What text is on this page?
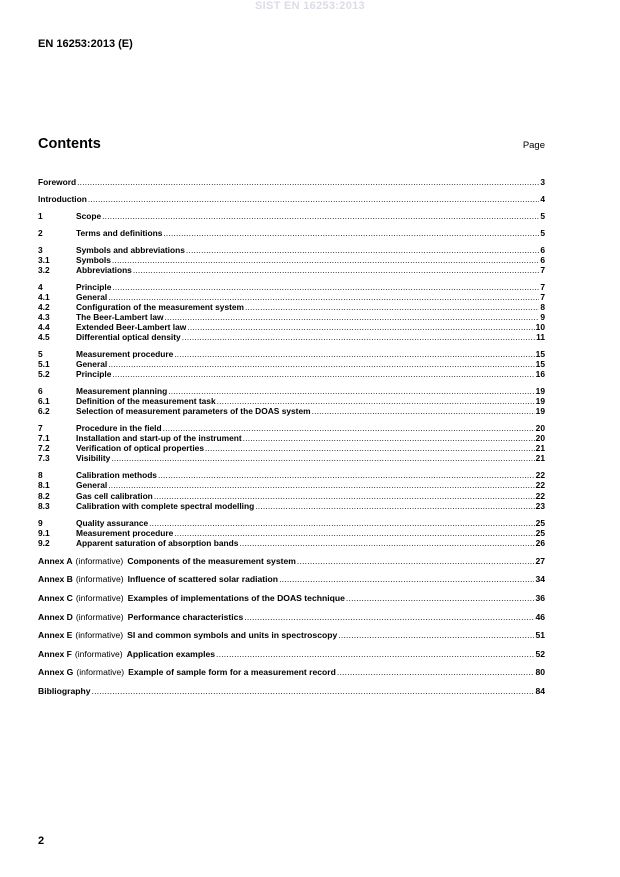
SIST EN 16253:2013
EN 16253:2013 (E)
Contents	Page
Foreword .....	3
Introduction .....	4
1	Scope .....	5
2	Terms and definitions .....	5
3	Symbols and abbreviations .....	6
3.1	Symbols .....	6
3.2	Abbreviations .....	7
4	Principle .....	7
4.1	General .....	7
4.2	Configuration of the measurement system .....	8
4.3	The Beer-Lambert law .....	9
4.4	Extended Beer-Lambert law .....	10
4.5	Differential optical density .....	11
5	Measurement procedure .....	15
5.1	General .....	15
5.2	Principle .....	16
6	Measurement planning .....	19
6.1	Definition of the measurement task .....	19
6.2	Selection of measurement parameters of the DOAS system .....	19
7	Procedure in the field .....	20
7.1	Installation and start-up of the instrument .....	20
7.2	Verification of optical properties .....	21
7.3	Visibility .....	21
8	Calibration methods .....	22
8.1	General .....	22
8.2	Gas cell calibration .....	22
8.3	Calibration with complete spectral modelling .....	23
9	Quality assurance .....	25
9.1	Measurement procedure .....	25
9.2	Apparent saturation of absorption bands .....	26
Annex A (informative) Components of the measurement system .....	27
Annex B (informative) Influence of scattered solar radiation .....	34
Annex C (informative) Examples of implementations of the DOAS technique .....	36
Annex D (informative) Performance characteristics .....	46
Annex E (informative) SI and common symbols and units in spectroscopy .....	51
Annex F (informative) Application examples .....	52
Annex G (informative) Example of sample form for a measurement record .....	80
Bibliography .....	84
2
